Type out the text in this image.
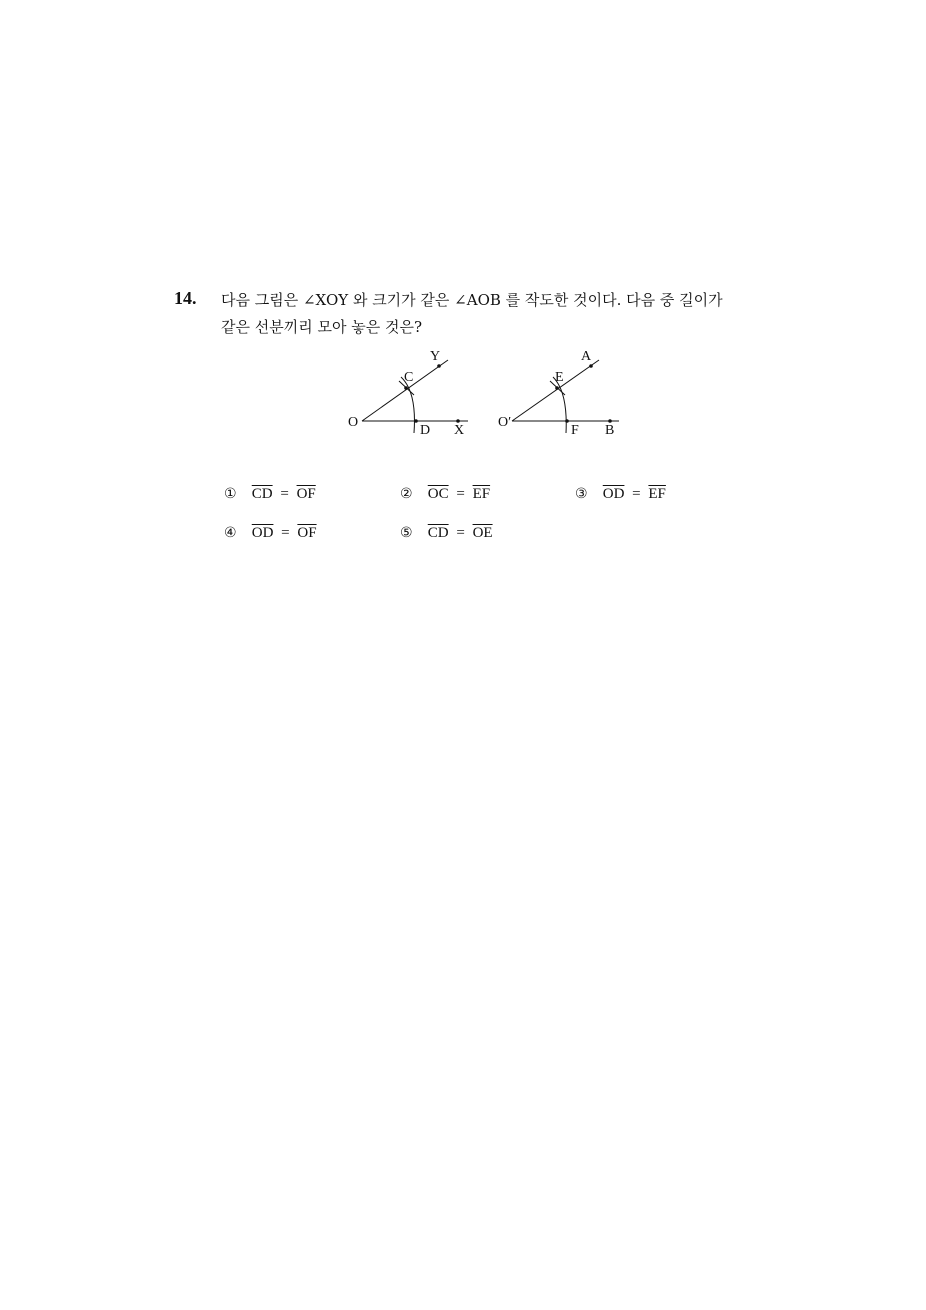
14. 다음 그림은 ∠XOY 와 크기가 같은 ∠AOB 를 작도한 것이다. 다음 중 길이가
같은 선분끼리 모아 놓은 것은?
O
C
D X
Y
O′
E
F B
A
① $\overline{CD} = \overline{OF}$	② $\overline{OC} = \overline{EF}$	③ $\overline{OD} = \overline{EF}$
④ $\overline{OD} = \overline{OF}$	⑤ $\overline{CD} = \overline{OE}$
